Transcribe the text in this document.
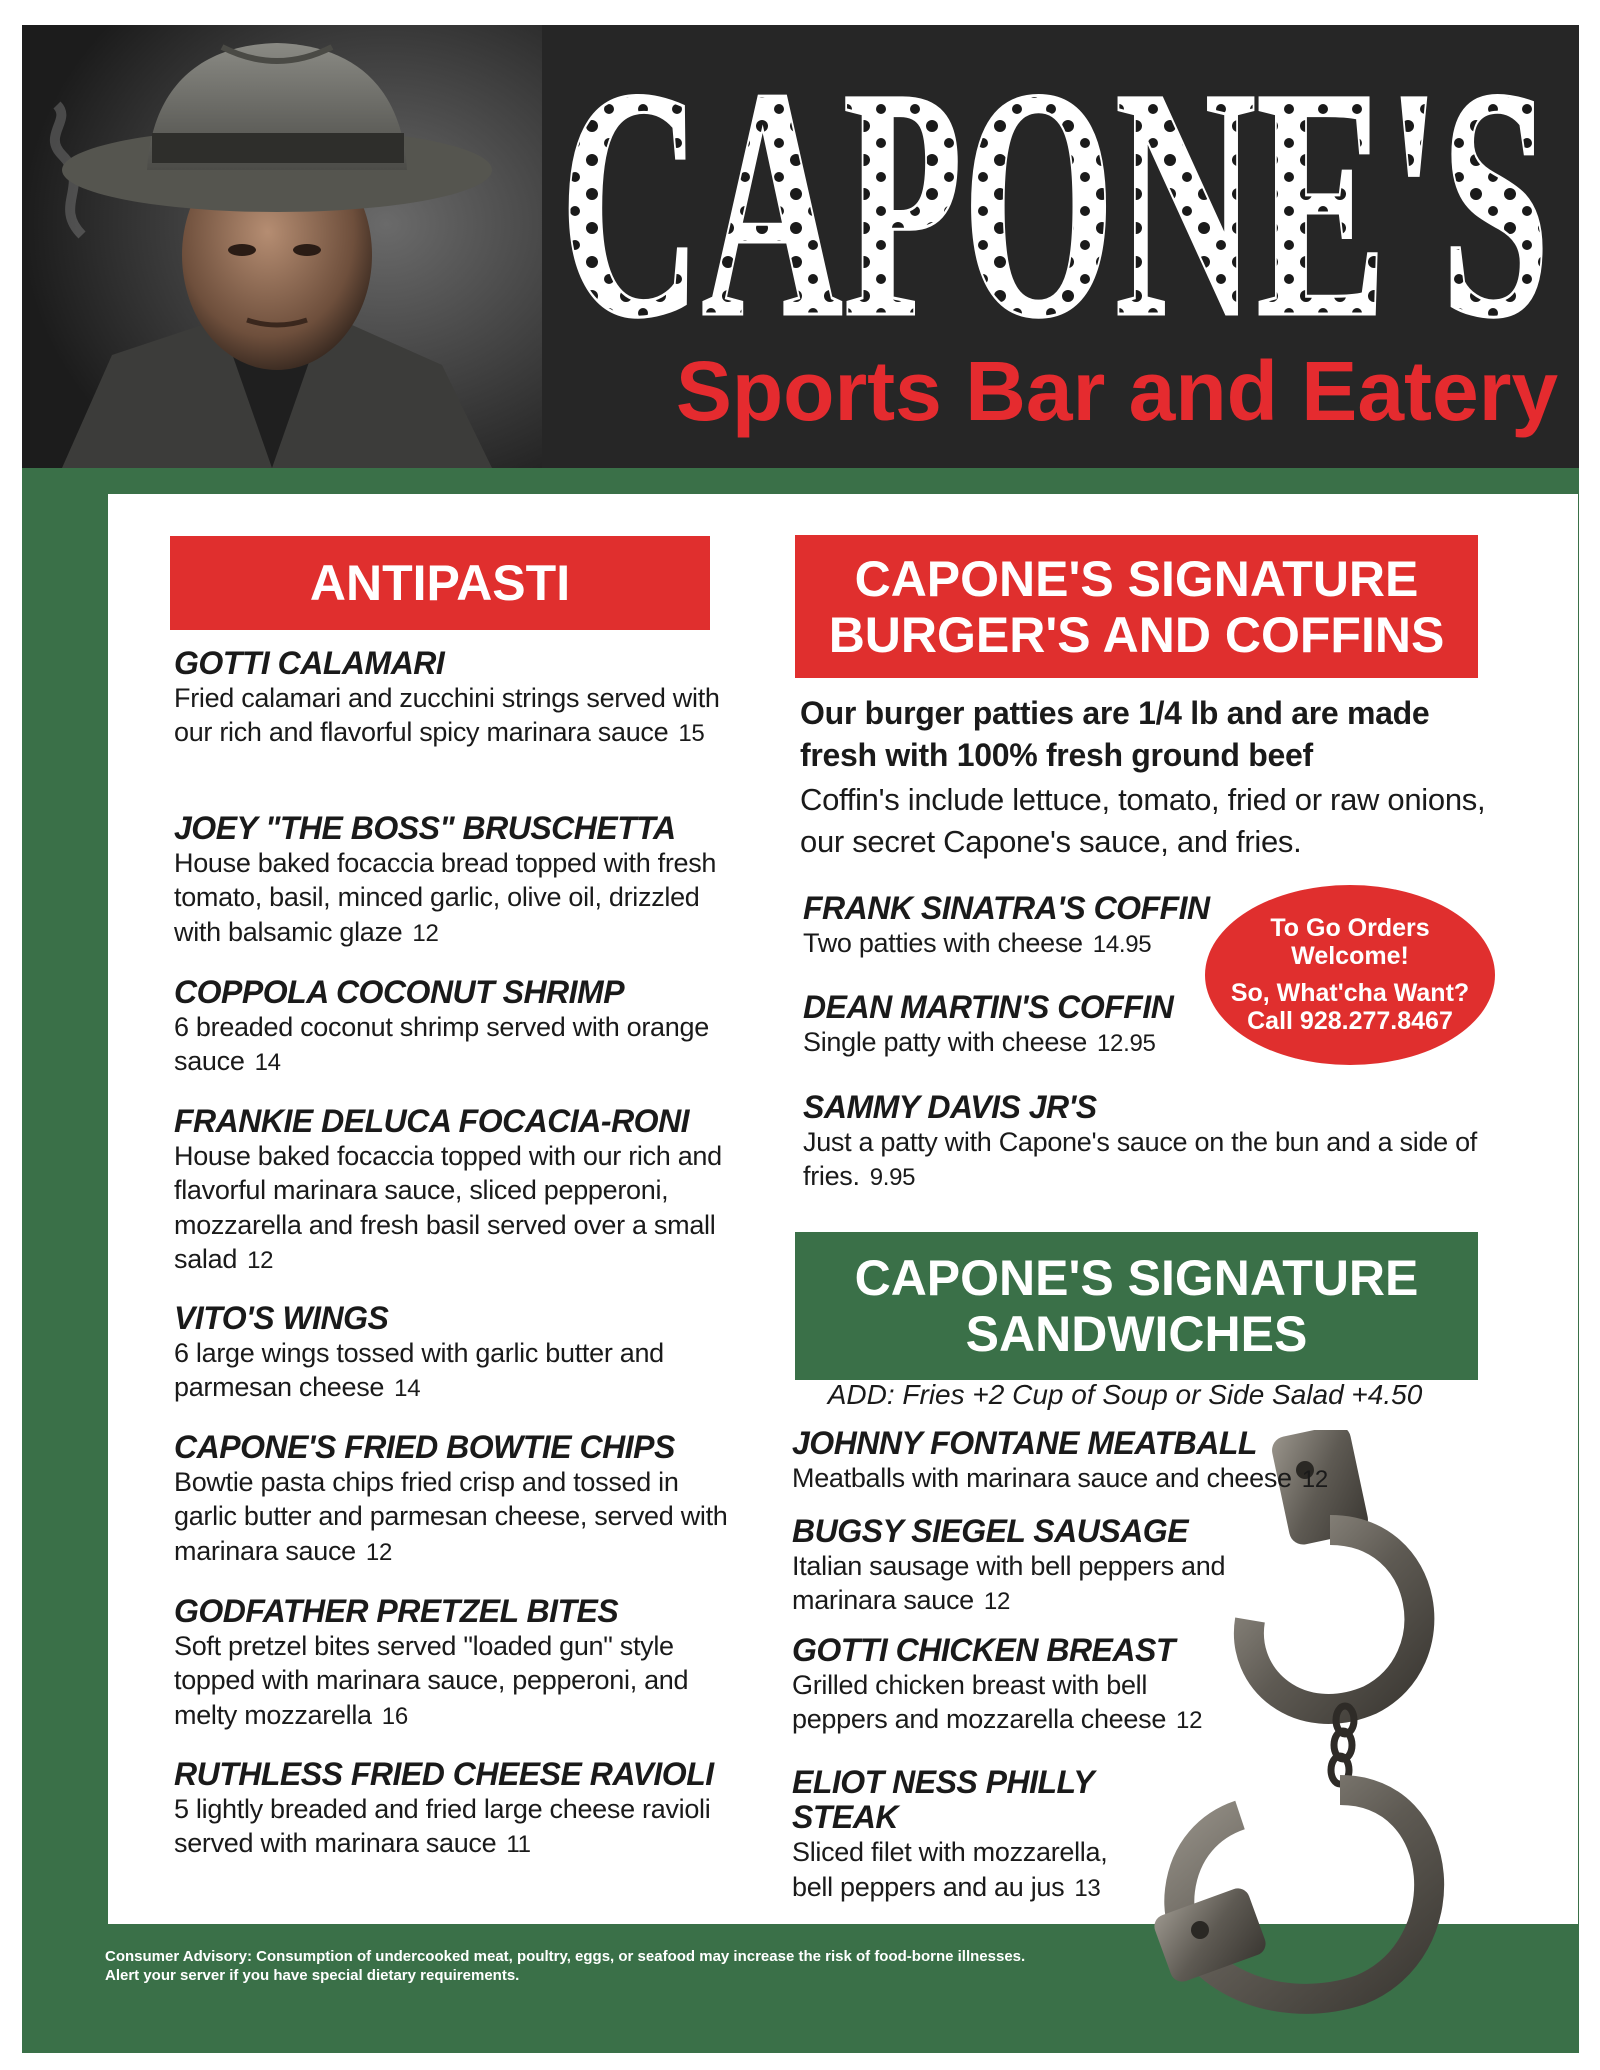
CAPONE'S
Sports Bar and Eatery
ANTIPASTI
GOTTI CALAMARI
Fried calamari and zucchini strings served with our rich and flavorful spicy marinara sauce 15
JOEY "THE BOSS" BRUSCHETTA
House baked focaccia bread topped with fresh tomato, basil, minced garlic, olive oil, drizzled with balsamic glaze 12
COPPOLA COCONUT SHRIMP
6 breaded coconut shrimp served with orange sauce 14
FRANKIE DELUCA FOCACIA-RONI
House baked focaccia topped with our rich and flavorful marinara sauce, sliced pepperoni, mozzarella and fresh basil served over a small salad 12
VITO'S WINGS
6 large wings tossed with garlic butter and parmesan cheese 14
CAPONE'S FRIED BOWTIE CHIPS
Bowtie pasta chips fried crisp and tossed in garlic butter and parmesan cheese, served with marinara sauce 12
GODFATHER PRETZEL BITES
Soft pretzel bites served "loaded gun" style topped with marinara sauce, pepperoni, and melty mozzarella 16
RUTHLESS FRIED CHEESE RAVIOLI
5 lightly breaded and fried large cheese ravioli served with marinara sauce 11
CAPONE'S SIGNATURE
BURGER'S AND COFFINS
Our burger patties are 1/4 lb and are made fresh with 100% fresh ground beef
Coffin's include lettuce, tomato, fried or raw onions, our secret Capone's sauce, and fries.
FRANK SINATRA'S COFFIN
Two patties with cheese 14.95
DEAN MARTIN'S COFFIN
Single patty with cheese 12.95
SAMMY DAVIS JR'S
Just a patty with Capone's sauce on the bun and a side of fries. 9.95
To Go Orders
Welcome!
So, What'cha Want?
Call 928.277.8467
CAPONE'S SIGNATURE
SANDWICHES
ADD: Fries +2 Cup of Soup or Side Salad +4.50
JOHNNY FONTANE MEATBALL
Meatballs with marinara sauce and cheese 12
BUGSY SIEGEL SAUSAGE
Italian sausage with bell peppers and marinara sauce 12
GOTTI CHICKEN BREAST
Grilled chicken breast with bell peppers and mozzarella cheese 12
ELIOT NESS PHILLY STEAK
Sliced filet with mozzarella, bell peppers and au jus 13
Consumer Advisory: Consumption of undercooked meat, poultry, eggs, or seafood may increase the risk of food-borne illnesses.
Alert your server if you have special dietary requirements.
